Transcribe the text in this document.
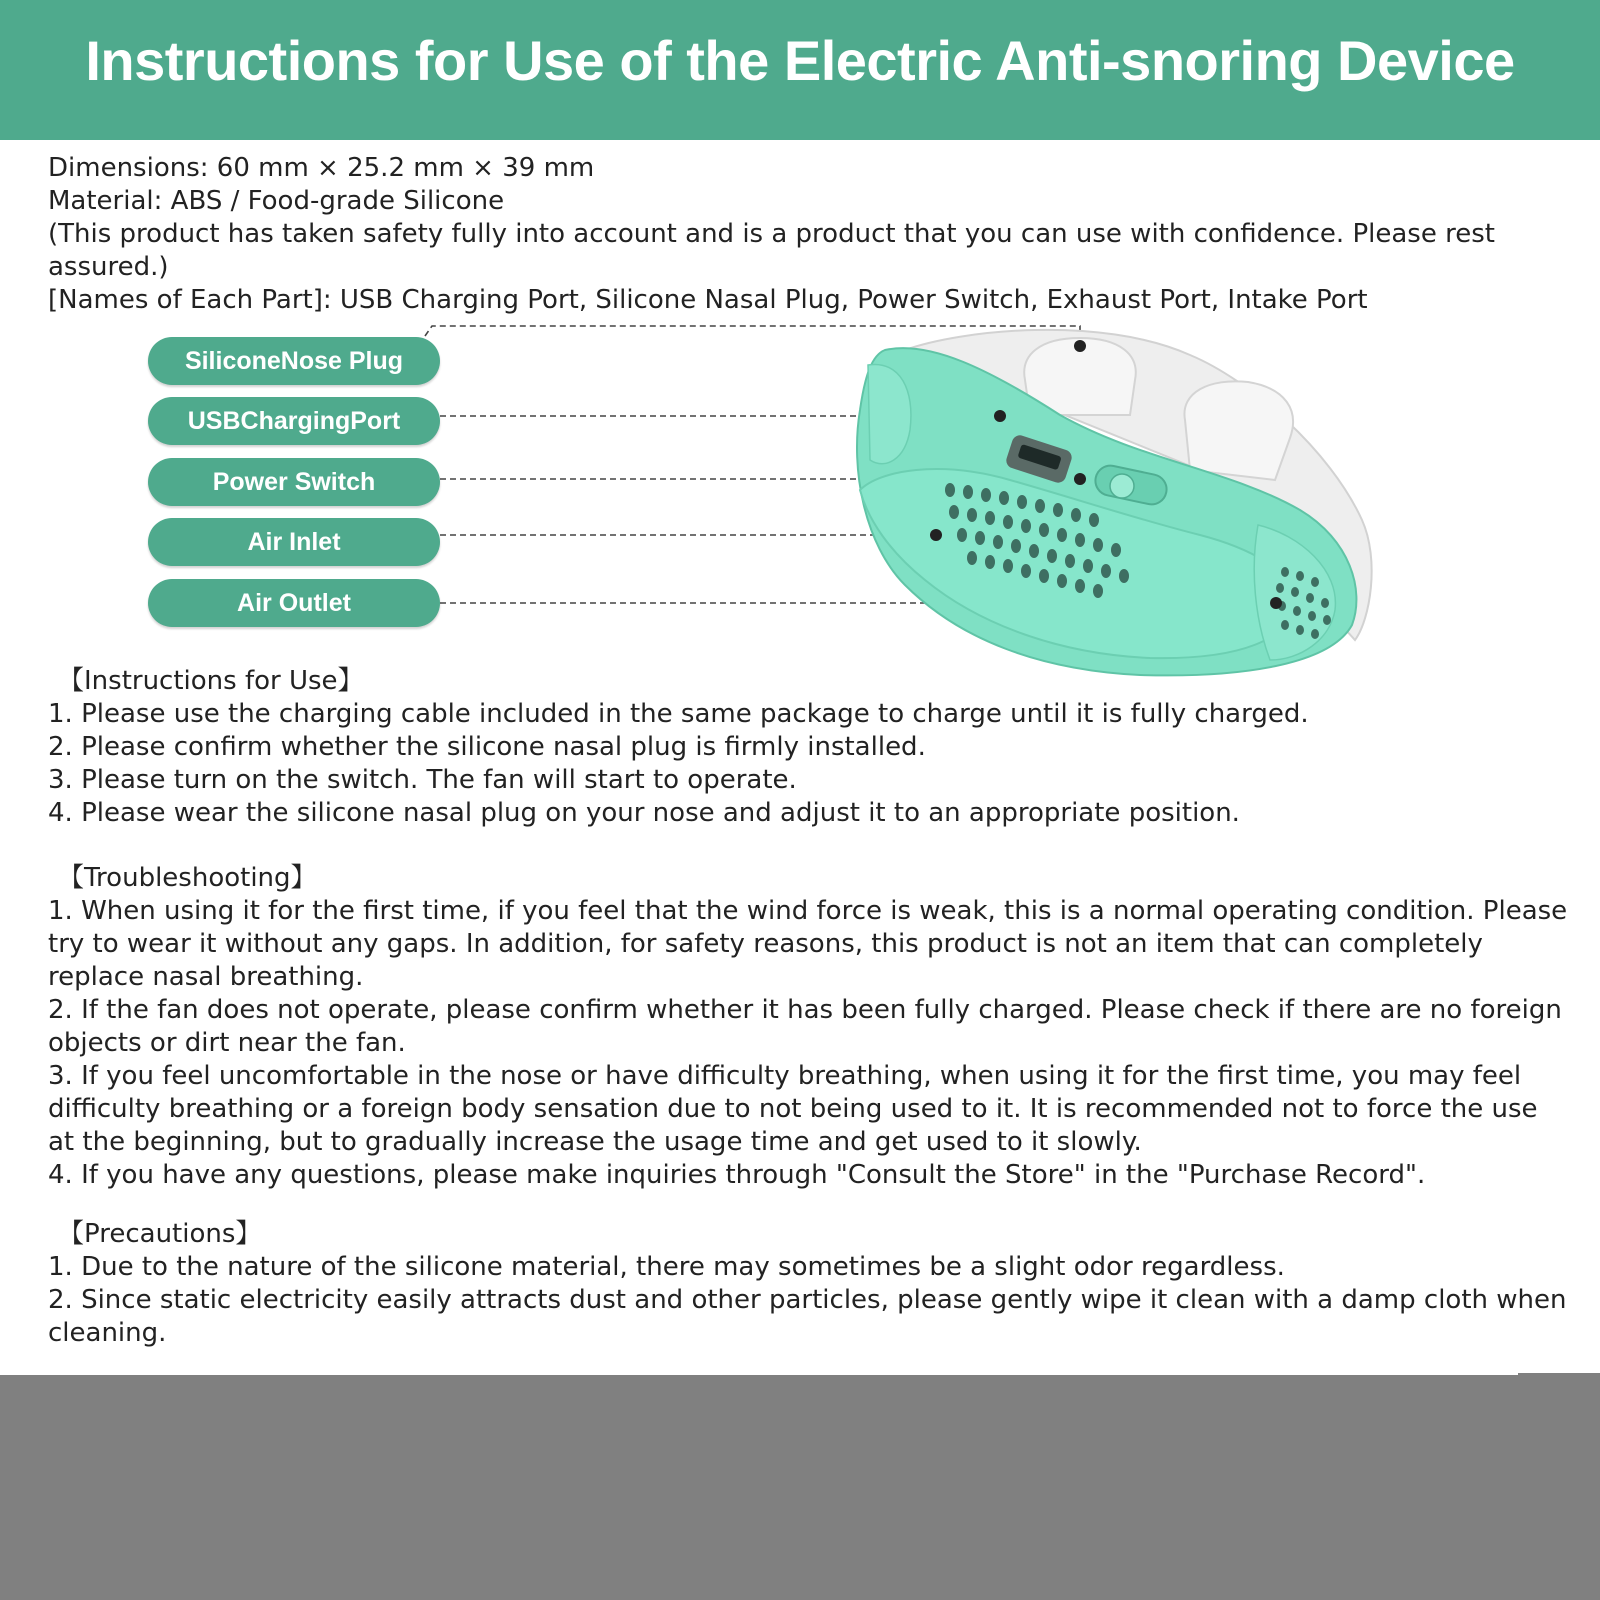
Instructions for Use of the Electric Anti-snoring Device

Dimensions: 60 mm × 25.2 mm × 39 mm

Material: ABS / Food-grade Silicone

(This product has taken safety fully into account and is a product that you can use with confidence. Please rest assured.)

[Names of Each Part]: USB Charging Port, Silicone Nasal Plug, Power Switch, Exhaust Port, Intake Port

SiliconeNose Plug
USBChargingPort
Power Switch
Air Inlet
Air Outlet

【Instructions for Use】

1. Please use the charging cable included in the same package to charge until it is fully charged.

2. Please confirm whether the silicone nasal plug is firmly installed.

3. Please turn on the switch. The fan will start to operate.

4. Please wear the silicone nasal plug on your nose and adjust it to an appropriate position.

【Troubleshooting】

1. When using it for the first time, if you feel that the wind force is weak, this is a normal operating condition. Please try to wear it without any gaps. In addition, for safety reasons, this product is not an item that can completely replace nasal breathing.

2. If the fan does not operate, please confirm whether it has been fully charged. Please check if there are no foreign objects or dirt near the fan.

3. If you feel uncomfortable in the nose or have difficulty breathing, when using it for the first time, you may feel difficulty breathing or a foreign body sensation due to not being used to it. It is recommended not to force the use at the beginning, but to gradually increase the usage time and get used to it slowly.

4. If you have any questions, please make inquiries through "Consult the Store" in the "Purchase Record".

【Precautions】

1. Due to the nature of the silicone material, there may sometimes be a slight odor regardless.

2. Since static electricity easily attracts dust and other particles, please gently wipe it clean with a damp cloth when cleaning.
